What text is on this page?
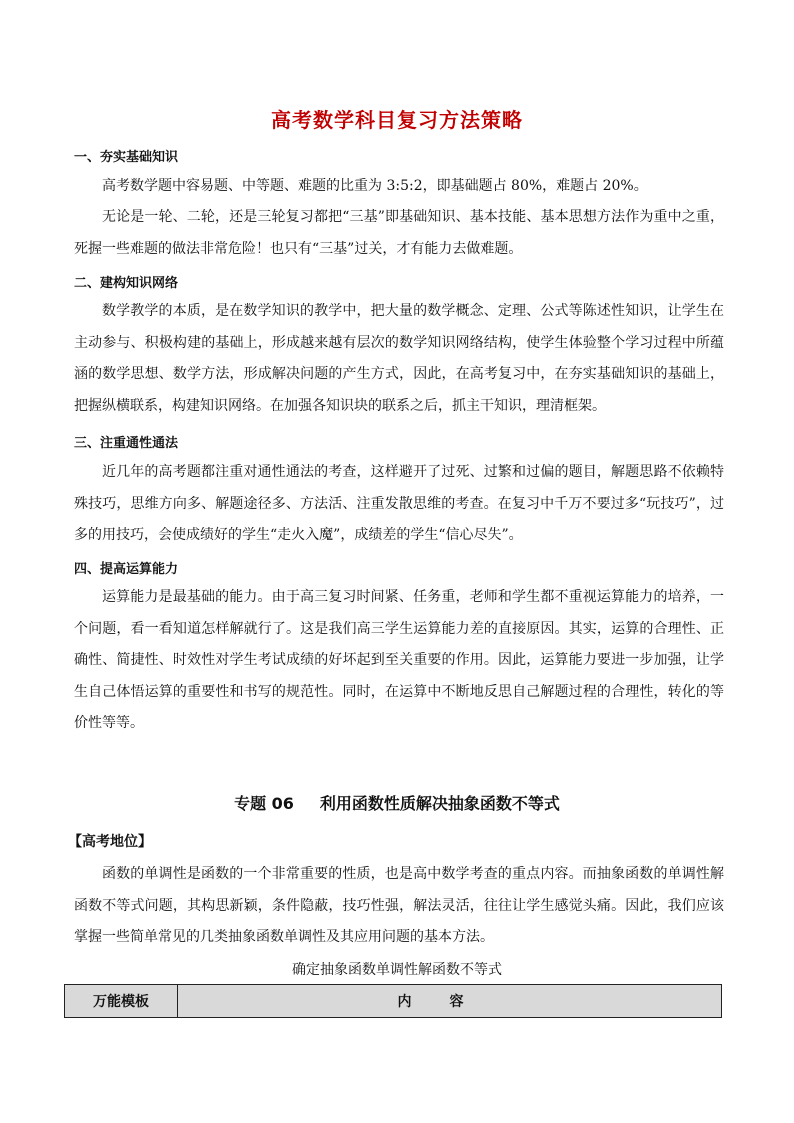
高考数学科目复习方法策略
一、夯实基础知识
高考数学题中容易题、中等题、难题的比重为 3:5:2，即基础题占 80%，难题占 20%。
无论是一轮、二轮，还是三轮复习都把“三基”即基础知识、基本技能、基本思想方法作为重中之重，死握一些难题的做法非常危险！也只有“三基”过关，才有能力去做难题。
二、建构知识网络
数学教学的本质，是在数学知识的教学中，把大量的数学概念、定理、公式等陈述性知识，让学生在主动参与、积极构建的基础上，形成越来越有层次的数学知识网络结构，使学生体验整个学习过程中所蕴涵的数学思想、数学方法，形成解决问题的产生方式，因此，在高考复习中，在夯实基础知识的基础上，把握纵横联系，构建知识网络。在加强各知识块的联系之后，抓主干知识，理清框架。
三、注重通性通法
近几年的高考题都注重对通性通法的考查，这样避开了过死、过繁和过偏的题目，解题思路不依赖特殊技巧，思维方向多、解题途径多、方法活、注重发散思维的考查。在复习中千万不要过多“玩技巧”，过多的用技巧，会使成绩好的学生“走火入魔”，成绩差的学生“信心尽失”。
四、提高运算能力
运算能力是最基础的能力。由于高三复习时间紧、任务重，老师和学生都不重视运算能力的培养，一个问题，看一看知道怎样解就行了。这是我们高三学生运算能力差的直接原因。其实，运算的合理性、正确性、简捷性、时效性对学生考试成绩的好坏起到至关重要的作用。因此，运算能力要进一步加强，让学生自己体悟运算的重要性和书写的规范性。同时，在运算中不断地反思自己解题过程的合理性，转化的等价性等等。
专题 06 利用函数性质解决抽象函数不等式
【高考地位】
函数的单调性是函数的一个非常重要的性质，也是高中数学考查的重点内容。而抽象函数的单调性解函数不等式问题，其构思新颖，条件隐蔽，技巧性强，解法灵活，往往让学生感觉头痛。因此，我们应该掌握一些简单常见的几类抽象函数单调性及其应用问题的基本方法。
确定抽象函数单调性解函数不等式
万能模板	内容
